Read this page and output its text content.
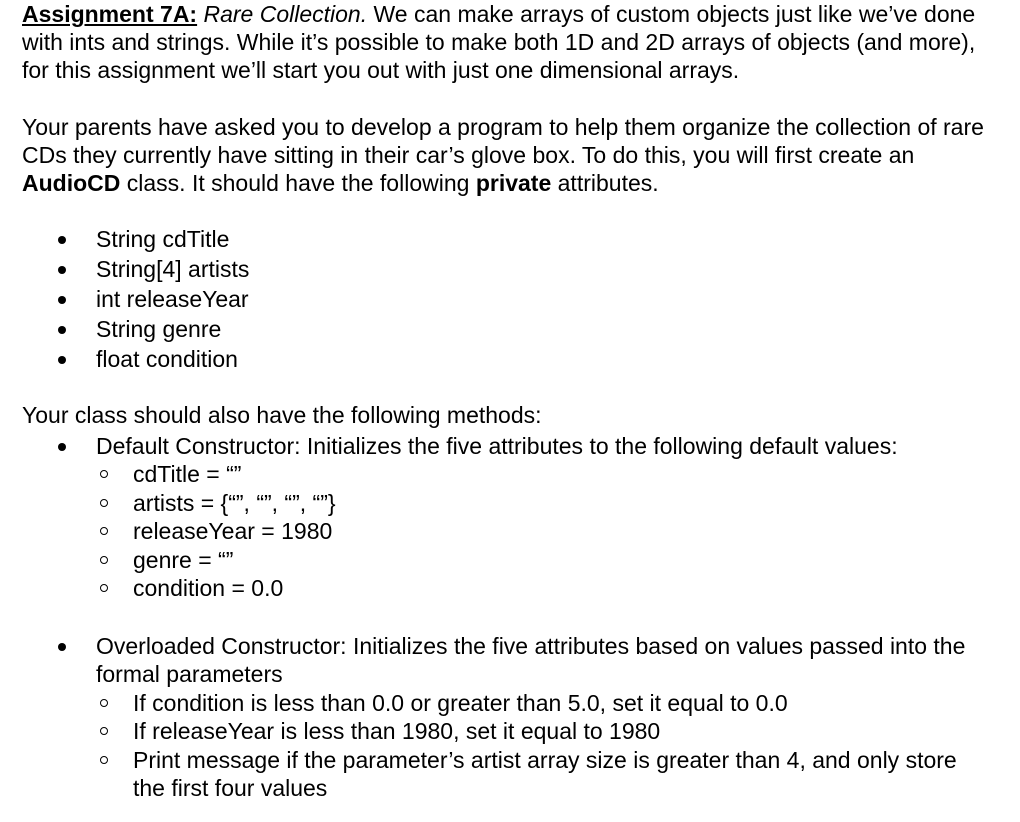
Assignment 7A: Rare Collection. We can make arrays of custom objects just like we’ve done with ints and strings. While it’s possible to make both 1D and 2D arrays of objects (and more), for this assignment we’ll start you out with just one dimensional arrays.

Your parents have asked you to develop a program to help them organize the collection of rare CDs they currently have sitting in their car’s glove box. To do this, you will first create an AudioCD class. It should have the following private attributes.

String cdTitle
String[4] artists
int releaseYear
String genre
float condition

Your class should also have the following methods:

Default Constructor: Initializes the five attributes to the following default values:
cdTitle = “”
artists = {“”, “”, “”, “”}
releaseYear = 1980
genre = “”
condition = 0.0
Overloaded Constructor: Initializes the five attributes based on values passed into the formal parameters
If condition is less than 0.0 or greater than 5.0, set it equal to 0.0
If releaseYear is less than 1980, set it equal to 1980
Print message if the parameter’s artist array size is greater than 4, and only store the first four values
